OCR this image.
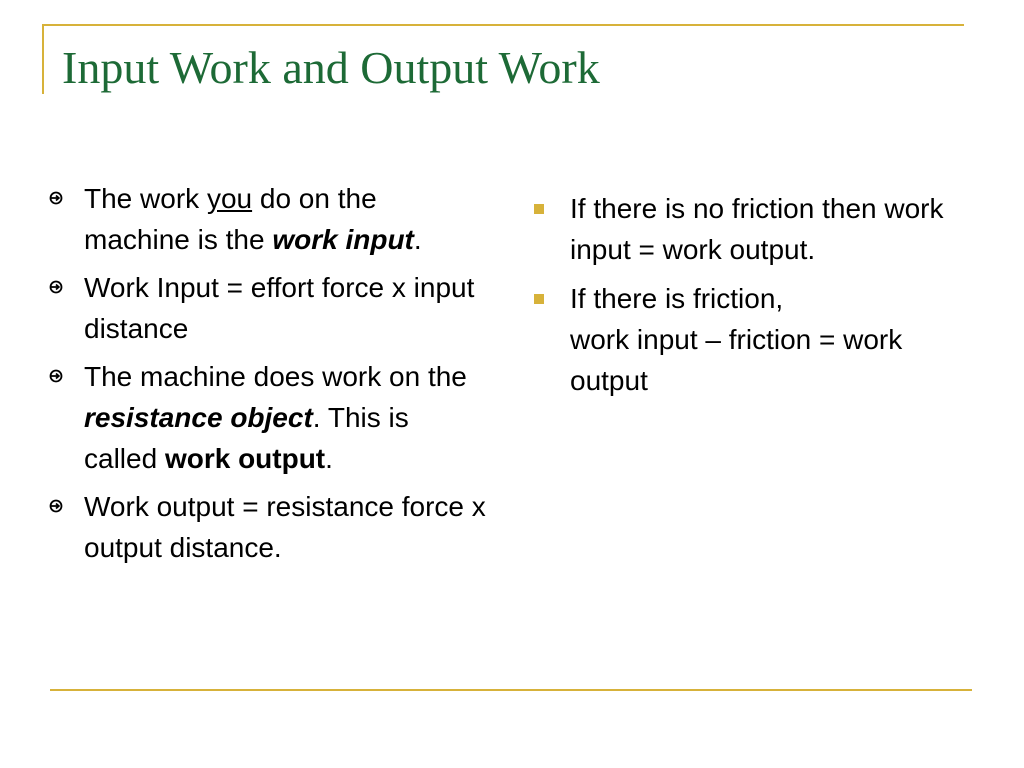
Input Work and Output Work
The work you do on the machine is the work input.
Work Input = effort force x input distance
The machine does work on the resistance object. This is called work output.
Work output = resistance force x output distance.
If there is no friction then work input = work output.
If there is friction,
work input – friction = work output
